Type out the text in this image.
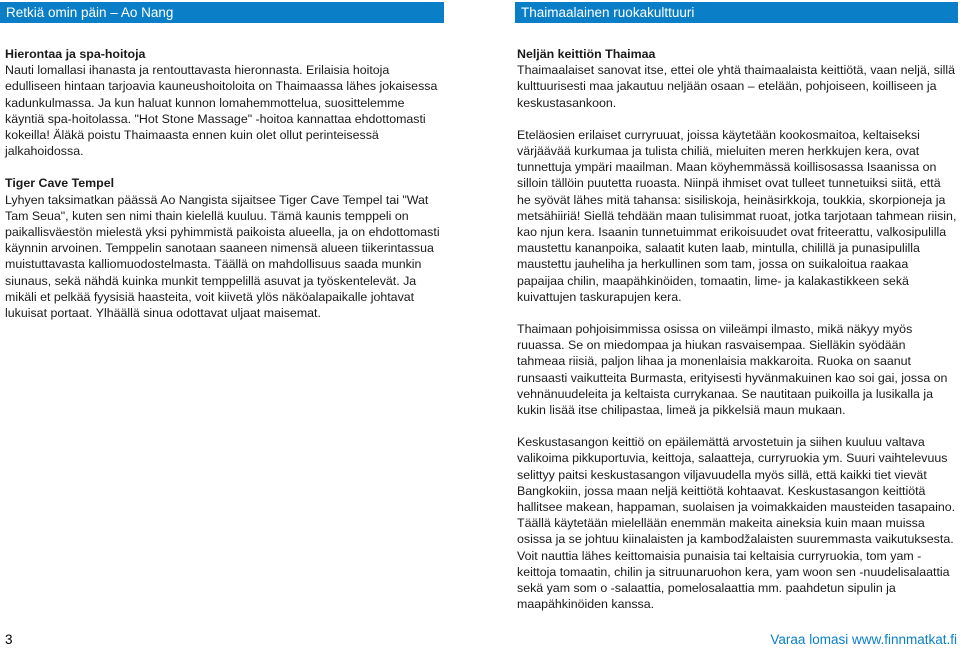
Retkiä omin päin – Ao Nang	Thaimaalainen ruokakulttuuri
Hierontaa ja spa-hoitoja
Nauti lomallasi ihanasta ja rentouttavasta hieronnasta. Erilaisia hoitoja edulliseen hintaan tarjoavia kauneushoitoloita on Thaimaassa lähes jokaisessa kadunkulmassa. Ja kun haluat kunnon lomahemmottelua, suosittelemme käyntiä spa-hoitolassa. "Hot Stone Massage" -hoitoa kannattaa ehdottomasti kokeilla! Äläkä poistu Thaimaasta ennen kuin olet ollut perinteisessä jalkahoidossa.
Tiger Cave Tempel
Lyhyen taksimatkan päässä Ao Nangista sijaitsee Tiger Cave Tempel tai "Wat Tam Seua", kuten sen nimi thain kielellä kuuluu. Tämä kaunis temppeli on paikallisväestön mielestä yksi pyhimmistä paikoista alueella, ja on ehdottomasti käynnin arvoinen. Temppelin sanotaan saaneen nimensä alueen tiikerintassua muistuttavasta kalliomuodostelmasta. Täällä on mahdollisuus saada munkin siunaus, sekä nähdä kuinka munkit temppelillä asuvat ja työskentelevät. Ja mikäli et pelkää fyysisiä haasteita, voit kiivetä ylös näköalapaikalle johtavat lukuisat portaat. Ylhäällä sinua odottavat uljaat maisemat.
Neljän keittiön Thaimaa
Thaimaalaiset sanovat itse, ettei ole yhtä thaimaalaista keittiötä, vaan neljä, sillä kulttuurisesti maa jakautuu neljään osaan – etelään, pohjoiseen, koilliseen ja keskustasankoon.
Eteläosien erilaiset curryruuat, joissa käytetään kookosmaitoa, keltaiseksi värjäävää kurkumaa ja tulista chiliä, mieluiten meren herkkujen kera, ovat tunnettuja ympäri maailman. Maan köyhemmässä koillisosassa Isaanissa on silloin tällöin puutetta ruoasta. Niinpä ihmiset ovat tulleet tunnetuiksi siitä, että he syövät lähes mitä tahansa: sisiliskoja, heinäsirkkoja, toukkia, skorpioneja ja metsähiiriä! Siellä tehdään maan tulisimmat ruoat, jotka tarjotaan tahmean riisin, kao njun kera. Isaanin tunnetuimmat erikoisuudet ovat friteerattu, valkosipulilla maustettu kananpoika, salaatit kuten laab, mintulla, chilillä ja punasipulilla maustettu jauheliha ja herkullinen som tam, jossa on suikaloitua raakaa papaijaa chilin, maapähkinöiden, tomaatin, lime- ja kalakastikkeen sekä kuivattujen taskurapujen kera.
Thaimaan pohjoisimmissa osissa on viileämpi ilmasto, mikä näkyy myös ruuassa. Se on miedompaa ja hiukan rasvaisempaa. Sielläkin syödään tahmeaa riisiä, paljon lihaa ja monenlaisia makkaroita. Ruoka on saanut runsaasti vaikutteita Burmasta, erityisesti hyvänmakuinen kao soi gai, jossa on vehnänuudeleita ja keltaista currykanaa. Se nautitaan puikoilla ja lusikalla ja kukin lisää itse chilipastaa, limeä ja pikkelsiä maun mukaan.
Keskustasangon keittiö on epäilemättä arvostetuin ja siihen kuuluu valtava valikoima pikkuportuvia, keittoja, salaatteja, curryruokia ym. Suuri vaihtelevuus selittyy paitsi keskustasangon viljavuudella myös sillä, että kaikki tiet vievät Bangkokiin, jossa maan neljä keittiötä kohtaavat. Keskustasangon keittiötä hallitsee makean, happaman, suolaisen ja voimakkaiden mausteiden tasapaino. Täällä käytetään mielellään enemmän makeita aineksia kuin maan muissa osissa ja se johtuu kiinalaisten ja kambodžalaisten suuremmasta vaikutuksesta. Voit nauttia lähes keittomaisia punaisia tai keltaisia curryruokia, tom yam -keittoja tomaatin, chilin ja sitruunaruohon kera, yam woon sen -nuudelisalaattia sekä yam som o -salaattia, pomelosalaattia mm. paahdetun sipulin ja maapähkinöiden kanssa.
3	Varaa lomasi www.finnmatkat.fi
